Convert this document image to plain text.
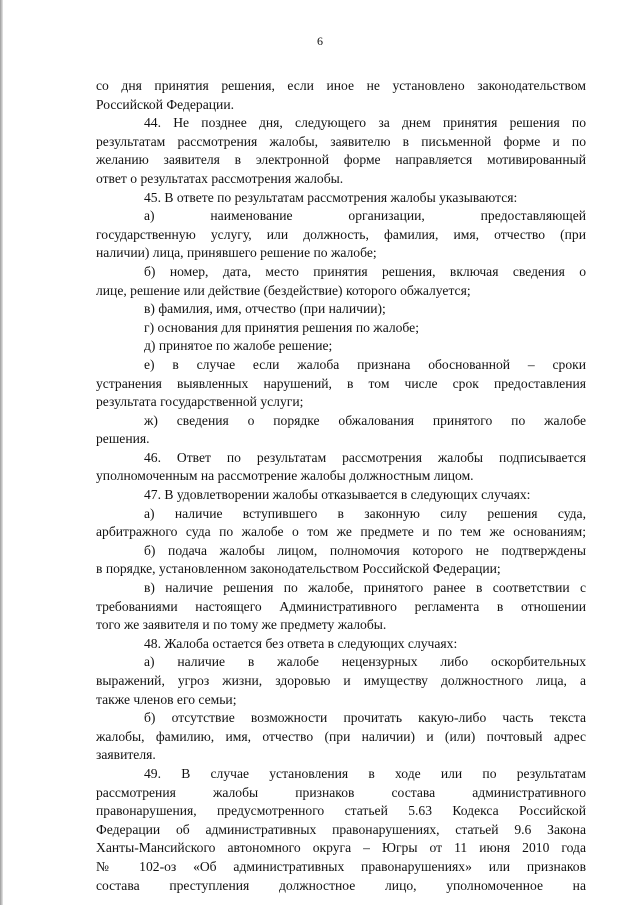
6
со дня принятия решения, если иное не установлено законодательством
Российской Федерации.
44. Не позднее дня, следующего за днем принятия решения по
результатам рассмотрения жалобы, заявителю в письменной форме и по
желанию заявителя в электронной форме направляется мотивированный
ответ о результатах рассмотрения жалобы.
45. В ответе по результатам рассмотрения жалобы указываются:
а) наименование организации, предоставляющей
государственную услугу, или должность, фамилия, имя, отчество (при
наличии) лица, принявшего решение по жалобе;
б) номер, дата, место принятия решения, включая сведения о
лице, решение или действие (бездействие) которого обжалуется;
в) фамилия, имя, отчество (при наличии);
г) основания для принятия решения по жалобе;
д) принятое по жалобе решение;
е) в случае если жалоба признана обоснованной – сроки
устранения выявленных нарушений, в том числе срок предоставления
результата государственной услуги;
ж) сведения о порядке обжалования принятого по жалобе
решения.
46. Ответ по результатам рассмотрения жалобы подписывается
уполномоченным на рассмотрение жалобы должностным лицом.
47. В удовлетворении жалобы отказывается в следующих случаях:
а) наличие вступившего в законную силу решения суда,
арбитражного суда по жалобе о том же предмете и по тем же основаниям;
б) подача жалобы лицом, полномочия которого не подтверждены
в порядке, установленном законодательством Российской Федерации;
в) наличие решения по жалобе, принятого ранее в соответствии с
требованиями настоящего Административного регламента в отношении
того же заявителя и по тому же предмету жалобы.
48. Жалоба остается без ответа в следующих случаях:
а) наличие в жалобе нецензурных либо оскорбительных
выражений, угроз жизни, здоровью и имуществу должностного лица, а
также членов его семьи;
б) отсутствие возможности прочитать какую-либо часть текста
жалобы, фамилию, имя, отчество (при наличии) и (или) почтовый адрес
заявителя.
49. В случае установления в ходе или по результатам
рассмотрения жалобы признаков состава административного
правонарушения, предусмотренного статьей 5.63 Кодекса Российской
Федерации об административных правонарушениях, статьей 9.6 Закона
Ханты-Мансийского автономного округа – Югры от 11 июня 2010 года
№ 102-оз «Об административных правонарушениях» или признаков
состава преступления должностное лицо, уполномоченное на
